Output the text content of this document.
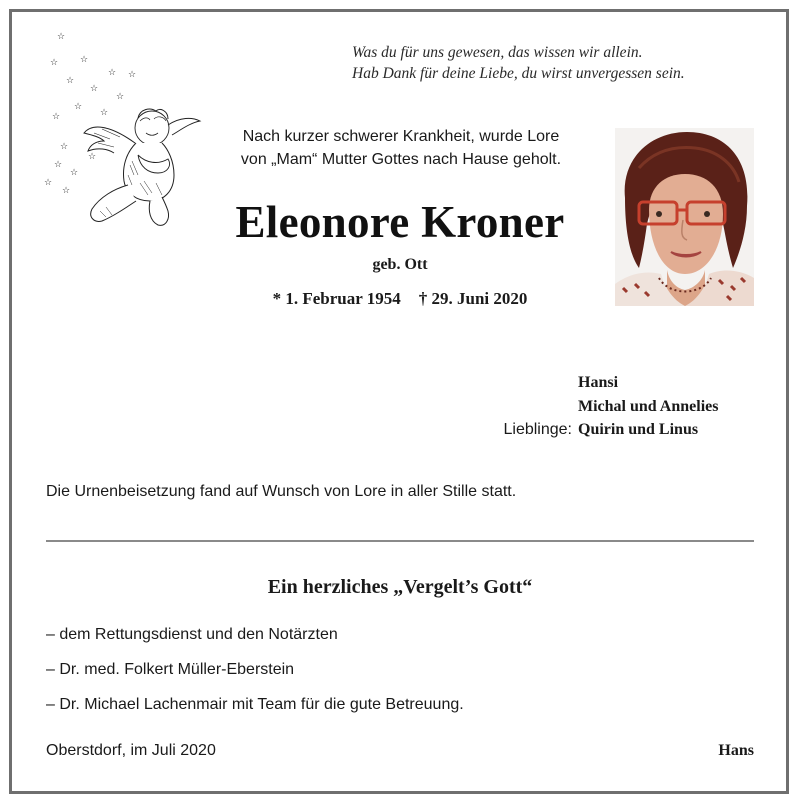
☆
☆ ☆
☆
☆
☆ ☆
☆
☆
☆
☆
☆
☆
☆
☆
☆
☆
Was du für uns gewesen, das wissen wir allein.
Hab Dank für deine Liebe, du wirst unvergessen sein.
Nach kurzer schwerer Krankheit, wurde Lore
von „Mam“ Mutter Gottes nach Hause geholt.
Eleonore Kroner
geb. Ott
* 1. Februar 1954 † 29. Juni 2020
Hansi
Michal und Annelies
Lieblinge: Quirin und Linus
Die Urnenbeisetzung fand auf Wunsch von Lore in aller Stille statt.
Ein herzliches „Vergelt’s Gott“
– dem Rettungsdienst und den Notärzten
– Dr. med. Folkert Müller-Eberstein
– Dr. Michael Lachenmair mit Team für die gute Betreuung.
Oberstdorf, im Juli 2020	Hans
